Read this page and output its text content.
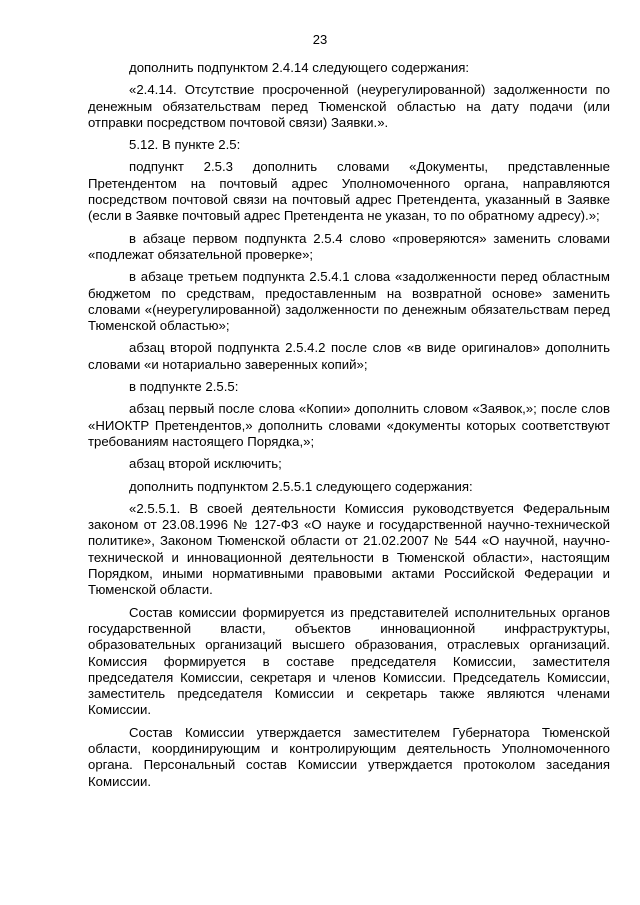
23

дополнить подпунктом 2.4.14 следующего содержания:

«2.4.14. Отсутствие просроченной (неурегулированной) задолженности по денежным обязательствам перед Тюменской областью на дату подачи (или отправки посредством почтовой связи) Заявки.».

5.12. В пункте 2.5:

подпункт 2.5.3 дополнить словами «Документы, представленные Претендентом на почтовый адрес Уполномоченного органа, направляются посредством почтовой связи на почтовый адрес Претендента, указанный в Заявке (если в Заявке почтовый адрес Претендента не указан, то по обратному адресу).»;

в абзаце первом подпункта 2.5.4 слово «проверяются» заменить словами «подлежат обязательной проверке»;

в абзаце третьем подпункта 2.5.4.1 слова «задолженности перед областным бюджетом по средствам, предоставленным на возвратной основе» заменить словами «(неурегулированной) задолженности по денежным обязательствам перед Тюменской областью»;

абзац второй подпункта 2.5.4.2 после слов «в виде оригиналов» дополнить словами «и нотариально заверенных копий»;

в подпункте 2.5.5:

абзац первый после слова «Копии» дополнить словом «Заявок,»; после слов «НИОКТР Претендентов,» дополнить словами «документы которых соответствуют требованиям настоящего Порядка,»;

абзац второй исключить;

дополнить подпунктом 2.5.5.1 следующего содержания:

«2.5.5.1. В своей деятельности Комиссия руководствуется Федеральным законом от 23.08.1996 № 127-ФЗ «О науке и государственной научно-технической политике», Законом Тюменской области от 21.02.2007 № 544 «О научной, научно-технической и инновационной деятельности в Тюменской области», настоящим Порядком, иными нормативными правовыми актами Российской Федерации и Тюменской области.

Состав комиссии формируется из представителей исполнительных органов государственной власти, объектов инновационной инфраструктуры, образовательных организаций высшего образования, отраслевых организаций. Комиссия формируется в составе председателя Комиссии, заместителя председателя Комиссии, секретаря и членов Комиссии. Председатель Комиссии, заместитель председателя Комиссии и секретарь также являются членами Комиссии.

Состав Комиссии утверждается заместителем Губернатора Тюменской области, координирующим и контролирующим деятельность Уполномоченного органа. Персональный состав Комиссии утверждается протоколом заседания Комиссии.
